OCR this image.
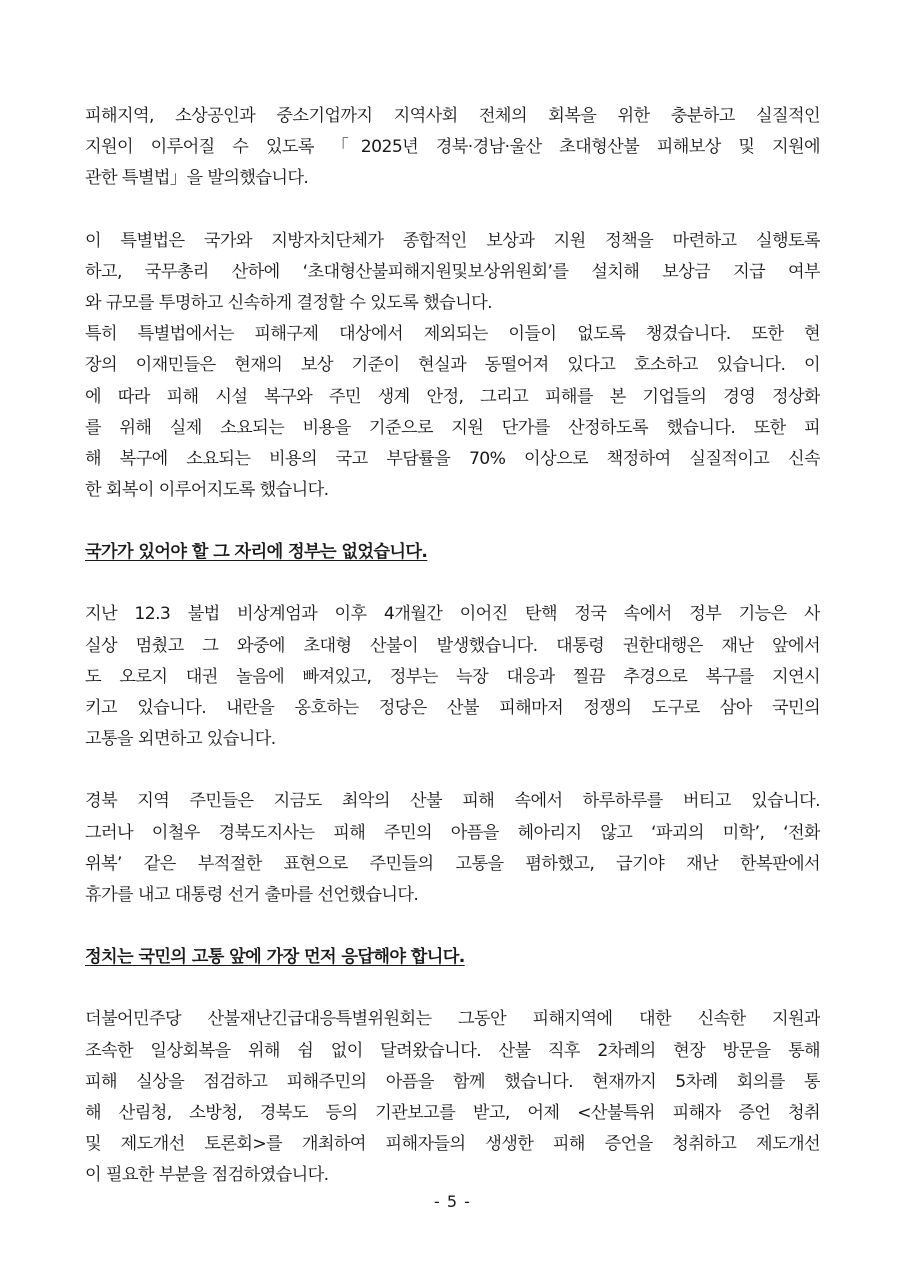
피해지역, 소상공인과 중소기업까지 지역사회 전체의 회복을 위한 충분하고 실질적인
지원이 이루어질 수 있도록 「2025년 경북·경남·울산 초대형산불 피해보상 및 지원에
관한 특별법」을 발의했습니다.
이 특별법은 국가와 지방자치단체가 종합적인 보상과 지원 정책을 마련하고 실행토록
하고, 국무총리 산하에 ‘초대형산불피해지원및보상위원회’를 설치해 보상금 지급 여부
와 규모를 투명하고 신속하게 결정할 수 있도록 했습니다.
특히 특별법에서는 피해구제 대상에서 제외되는 이들이 없도록 챙겼습니다. 또한 현
장의 이재민들은 현재의 보상 기준이 현실과 동떨어져 있다고 호소하고 있습니다. 이
에 따라 피해 시설 복구와 주민 생계 안정, 그리고 피해를 본 기업들의 경영 정상화
를 위해 실제 소요되는 비용을 기준으로 지원 단가를 산정하도록 했습니다. 또한 피
해 복구에 소요되는 비용의 국고 부담률을 70% 이상으로 책정하여 실질적이고 신속
한 회복이 이루어지도록 했습니다.
국가가 있어야 할 그 자리에 정부는 없었습니다.
지난 12.3 불법 비상계엄과 이후 4개월간 이어진 탄핵 정국 속에서 정부 기능은 사
실상 멈췄고 그 와중에 초대형 산불이 발생했습니다. 대통령 권한대행은 재난 앞에서
도 오로지 대권 놀음에 빠져있고, 정부는 늑장 대응과 찔끔 추경으로 복구를 지연시
키고 있습니다. 내란을 옹호하는 정당은 산불 피해마저 정쟁의 도구로 삼아 국민의
고통을 외면하고 있습니다.
경북 지역 주민들은 지금도 최악의 산불 피해 속에서 하루하루를 버티고 있습니다.
그러나 이철우 경북도지사는 피해 주민의 아픔을 헤아리지 않고 ‘파괴의 미학’, ‘전화
위복’ 같은 부적절한 표현으로 주민들의 고통을 폄하했고, 급기야 재난 한복판에서
휴가를 내고 대통령 선거 출마를 선언했습니다.
정치는 국민의 고통 앞에 가장 먼저 응답해야 합니다.
더불어민주당 산불재난긴급대응특별위원회는 그동안 피해지역에 대한 신속한 지원과
조속한 일상회복을 위해 쉼 없이 달려왔습니다. 산불 직후 2차례의 현장 방문을 통해
피해 실상을 점검하고 피해주민의 아픔을 함께 했습니다. 현재까지 5차례 회의를 통
해 산림청, 소방청, 경북도 등의 기관보고를 받고, 어제 <산불특위 피해자 증언 청취
및 제도개선 토론회>를 개최하여 피해자들의 생생한 피해 증언을 청취하고 제도개선
이 필요한 부분을 점검하였습니다.
- 5 -
